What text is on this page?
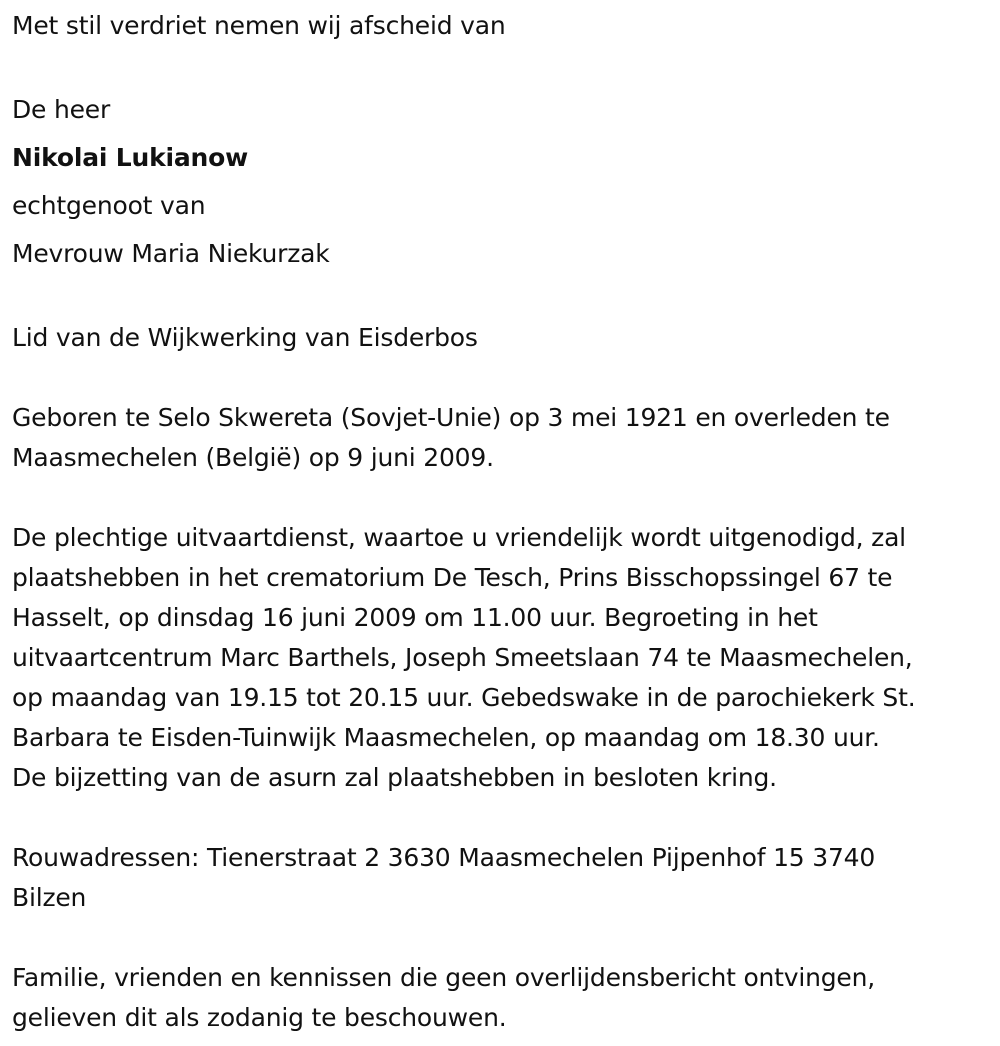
Met stil verdriet nemen wij afscheid van
De heer
Nikolai Lukianow
echtgenoot van
Mevrouw Maria Niekurzak
Lid van de Wijkwerking van Eisderbos
Geboren te Selo Skwereta (Sovjet-Unie) op 3 mei 1921 en overleden te
Maasmechelen (België) op 9 juni 2009.
De plechtige uitvaartdienst, waartoe u vriendelijk wordt uitgenodigd, zal
plaatshebben in het crematorium De Tesch, Prins Bisschopssingel 67 te
Hasselt, op dinsdag 16 juni 2009 om 11.00 uur. Begroeting in het
uitvaartcentrum Marc Barthels, Joseph Smeetslaan 74 te Maasmechelen,
op maandag van 19.15 tot 20.15 uur. Gebedswake in de parochiekerk St.
Barbara te Eisden-Tuinwijk Maasmechelen, op maandag om 18.30 uur.
De bijzetting van de asurn zal plaatshebben in besloten kring.
Rouwadressen: Tienerstraat 2 3630 Maasmechelen Pijpenhof 15 3740
Bilzen
Familie, vrienden en kennissen die geen overlijdensbericht ontvingen,
gelieven dit als zodanig te beschouwen.
